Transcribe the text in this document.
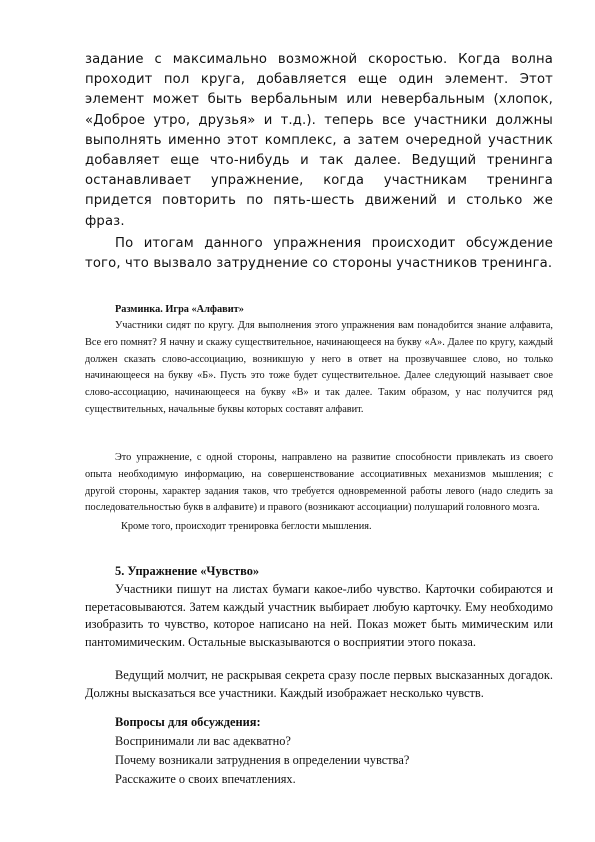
задание с максимально возможной скоростью. Когда волна проходит пол круга, добавляется еще один элемент. Этот элемент может быть вербальным или невербальным (хлопок, «Доброе утро, друзья» и т.д.). теперь все участники должны выполнять именно этот комплекс, а затем очередной участник добавляет еще что-нибудь и так далее. Ведущий тренинга останавливает упражнение, когда участникам тренинга придется повторить по пять-шесть движений и столько же фраз.

По итогам данного упражнения происходит обсуждение того, что вызвало затруднение со стороны участников тренинга.

Разминка. Игра «Алфавит»

Участники сидят по кругу. Для выполнения этого упражнения вам понадобится знание алфавита, Все его помнят? Я начну и скажу существительное, начинающееся на букву «А». Далее по кругу, каждый должен сказать слово-ассоциацию, возникшую у него в ответ на прозвучавшее слово, но только начинающееся на букву «Б». Пусть это тоже будет существительное. Далее следующий называет свое слово-ассоциацию, начинающееся на букву «В» и так далее. Таким образом, у нас получится ряд существительных, начальные буквы которых составят алфавит.

Это упражнение, с одной стороны, направлено на развитие способности привлекать из своего опыта необходимую информацию, на совершенствование ассоциативных механизмов мышления; с другой стороны, характер задания таков, что требуется одновременной работы левого (надо следить за последовательностью букв в алфавите) и правого (возникают ассоциации) полушарий головного мозга.

Кроме того, происходит тренировка беглости мышления.

5. Упражнение «Чувство»

Участники пишут на листах бумаги какое-либо чувство. Карточки собираются и перетасовываются. Затем каждый участник выбирает любую карточку. Ему необходимо изобразить то чувство, которое написано на ней. Показ может быть мимическим или пантомимическим. Остальные высказываются о восприятии этого показа.

Ведущий молчит, не раскрывая секрета сразу после первых высказанных догадок. Должны высказаться все участники. Каждый изображает несколько чувств.

Вопросы для обсуждения:

Воспринимали ли вас адекватно?
Почему возникали затруднения в определении чувства?
Расскажите о своих впечатлениях.
